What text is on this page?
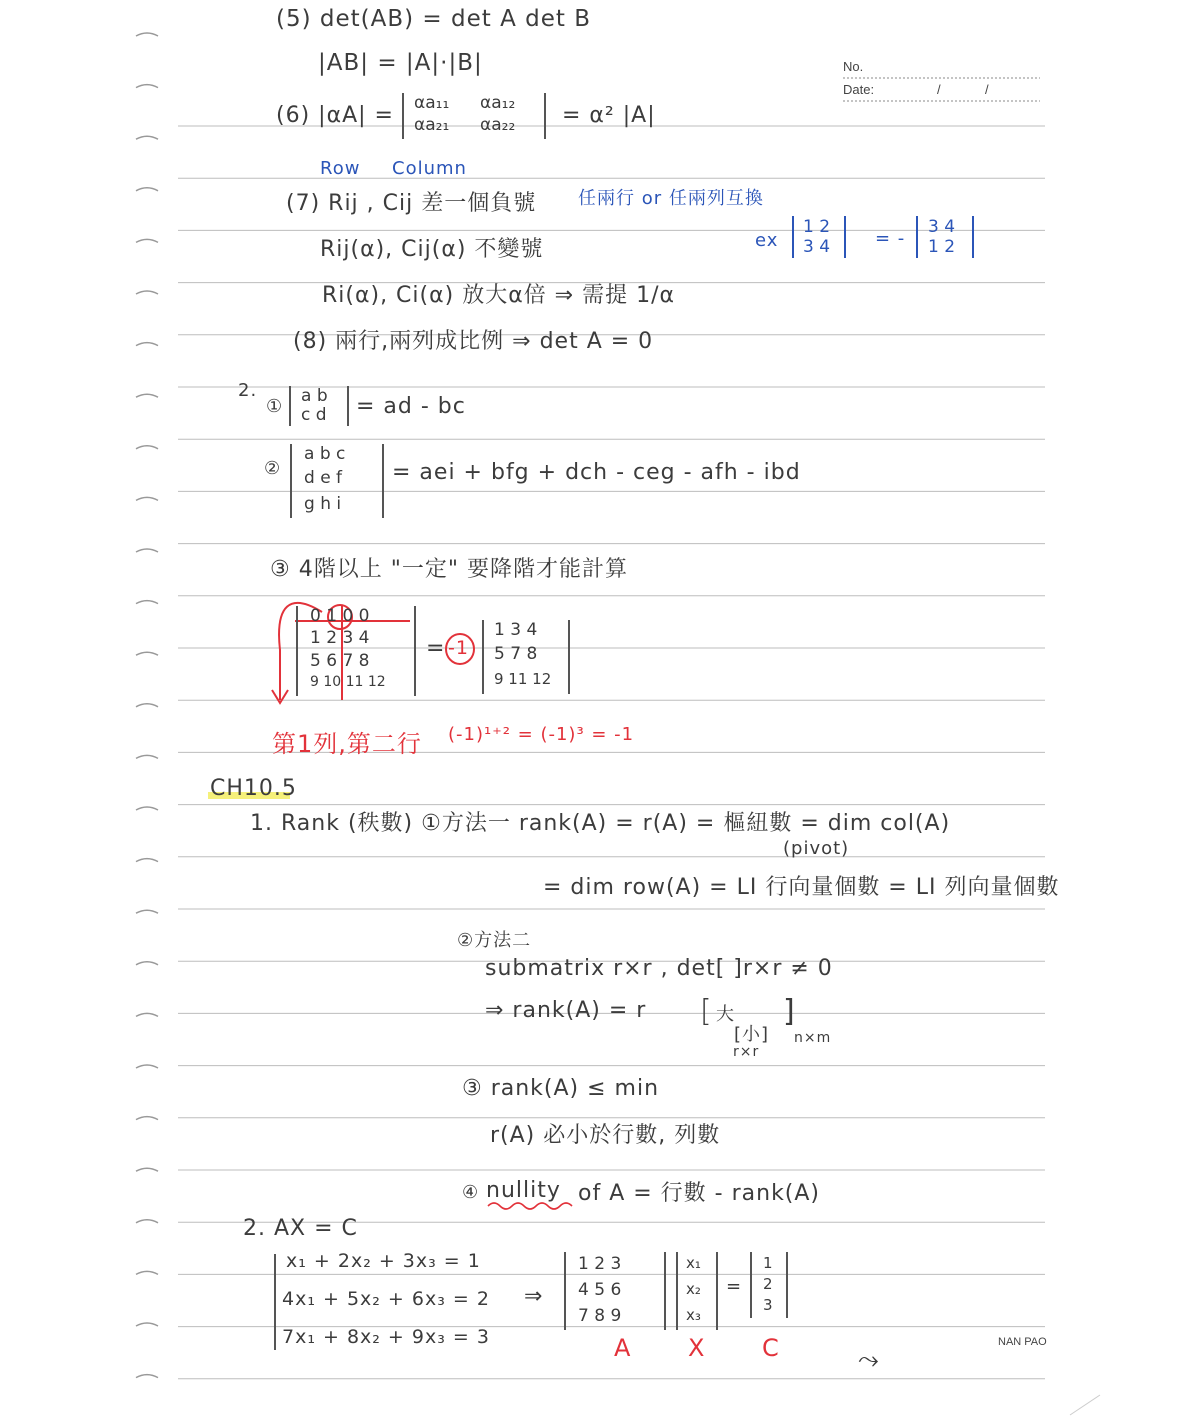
No.
Date:	/	/
NAN PAO
⤳
(5) det(AB) = det A det B
|AB| = |A|·|B|
(6) |αA| = αa₁₁ αa₁₂
αa₂₁ αa₂₂ = α² |A|
Row Column
(7) Rij , Cij 差一個負號 任兩行 or 任兩列互換
ex
1 2
3 4 = -
3 4
1 2
Rij(α), Cij(α) 不變號
Ri(α), Ci(α) 放大α倍 ⇒ 需提 1/α
(8) 兩行,兩列成比例 ⇒ det A = 0
2.
① a b
c d = ad - bc
②
a b c
d e f
g h i
= aei + bfg + dch - ceg - afh - ibd
③ 4階以上 "一定" 要降階才能計算
0 1 0 0
1 2 3 4
5 6 7 8
9 10 11 12
= -1
1 3 4
5 7 8
9 11 12
第1列,第二行 (-1)¹⁺² = (-1)³ = -1
CH10.5
1. Rank (秩數) ①方法一 rank(A) = r(A) = 樞紐數 = dim col(A)
(pivot)
= dim row(A) = LI 行向量個數 = LI 列向量個數
②方法二
submatrix r×r , det[ ]r×r ≠ 0
⇒ rank(A) = r [ 大
[小]
]
n×m
r×r
③ rank(A) ≤ min
r(A) 必小於行數, 列數
④ nullity of A = 行數 - rank(A)
2. AX = C
x₁ + 2x₂ + 3x₃ = 1
4x₁ + 5x₂ + 6x₃ = 2
7x₁ + 8x₂ + 9x₃ = 3
⇒
1 2 3
4 5 6
7 8 9
x₁
x₂
x₃
=
1
2
3
A X C
